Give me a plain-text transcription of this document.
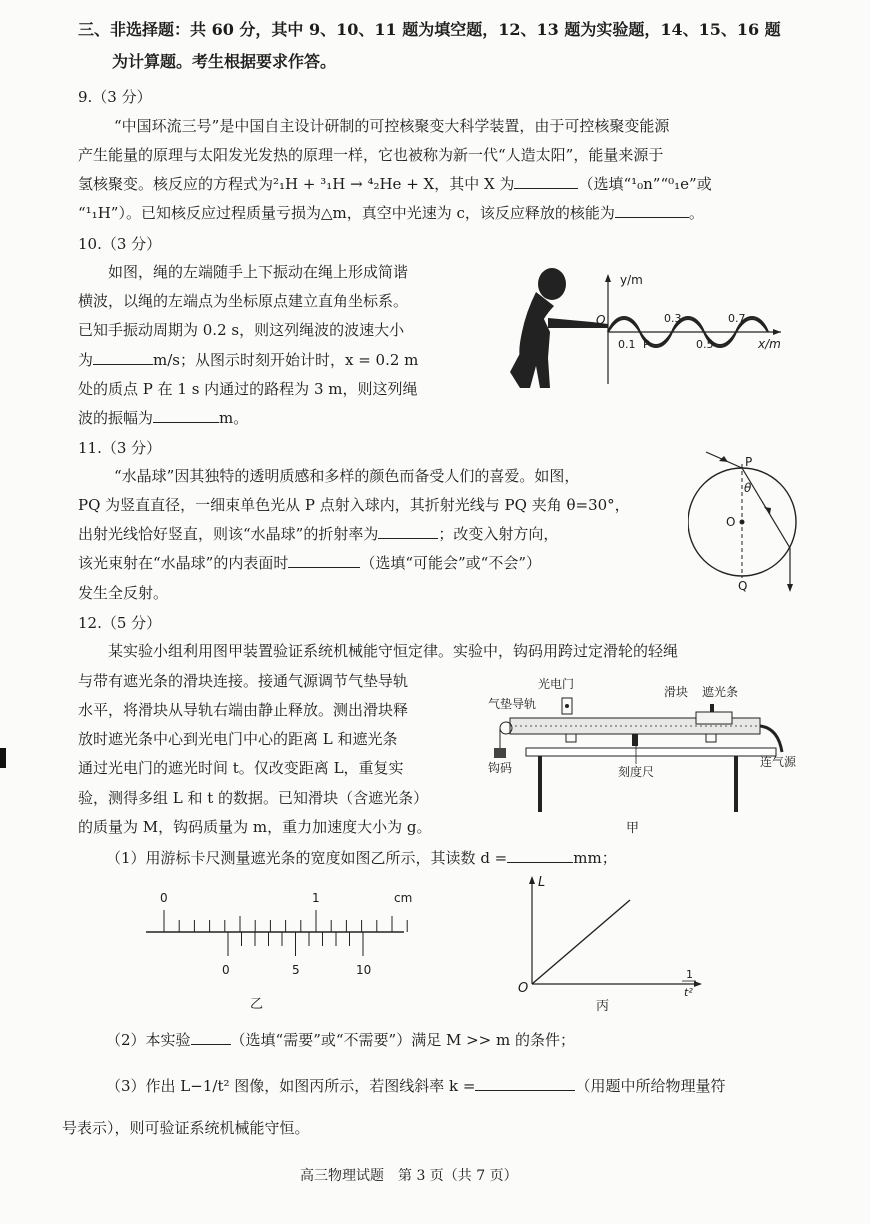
三、非选择题：共 60 分，其中 9、10、11 题为填空题，12、13 题为实验题，14、15、16 题
为计算题。考生根据要求作答。
9.（3 分）
“中国环流三号”是中国自主设计研制的可控核聚变大科学装置，由于可控核聚变能源
产生能量的原理与太阳发光发热的原理一样，它也被称为新一代“人造太阳”，能量来源于
氢核聚变。核反应的方程式为²₁H + ³₁H → ⁴₂He + X，其中 X 为	（选填“¹₀n”“⁰₁e”或
“¹₁H”）。已知核反应过程质量亏损为△m，真空中光速为 c，该反应释放的核能为	。
10.（3 分）
如图，绳的左端随手上下振动在绳上形成简谐
横波，以绳的左端点为坐标原点建立直角坐标系。
已知手振动周期为 0.2 s，则这列绳波的波速大小
为	m/s；从图示时刻开始计时，x = 0.2 m
处的质点 P 在 1 s 内通过的路程为 3 m，则这列绳
波的振幅为	m。
y/m
x/m
O
0.1 P
0.3
0.5
0.7
11.（3 分）
“水晶球”因其独特的透明质感和多样的颜色而备受人们的喜爱。如图，
PQ 为竖直直径，一细束单色光从 P 点射入球内，其折射光线与 PQ 夹角 θ=30°，
出射光线恰好竖直，则该“水晶球”的折射率为	；改变入射方向，
该光束射在“水晶球”的内表面时	（选填“可能会”或“不会”）
发生全反射。
P
O
Q
θ
12.（5 分）
某实验小组利用图甲装置验证系统机械能守恒定律。实验中，钩码用跨过定滑轮的轻绳
与带有遮光条的滑块连接。接通气源调节气垫导轨
水平，将滑块从导轨右端由静止释放。测出滑块释
放时遮光条中心到光电门中心的距离 L 和遮光条
通过光电门的遮光时间 t。仅改变距离 L，重复实
验，测得多组 L 和 t 的数据。已知滑块（含遮光条）
的质量为 M，钩码质量为 m，重力加速度大小为 g。
光电门
滑块 遮光条
气垫导轨
钩码	刻度尺
连气源
甲
（1）用游标卡尺测量遮光条的宽度如图乙所示，其读数 d =	mm；
0	1	cm
0	5	10
乙
L
O
1
t²
丙
（2）本实验	（选填“需要”或“不需要”）满足 M >> m 的条件；
（3）作出 L−1/t² 图像，如图丙所示，若图线斜率 k =	（用题中所给物理量符
号表示），则可验证系统机械能守恒。
高三物理试题　第 3 页（共 7 页）
